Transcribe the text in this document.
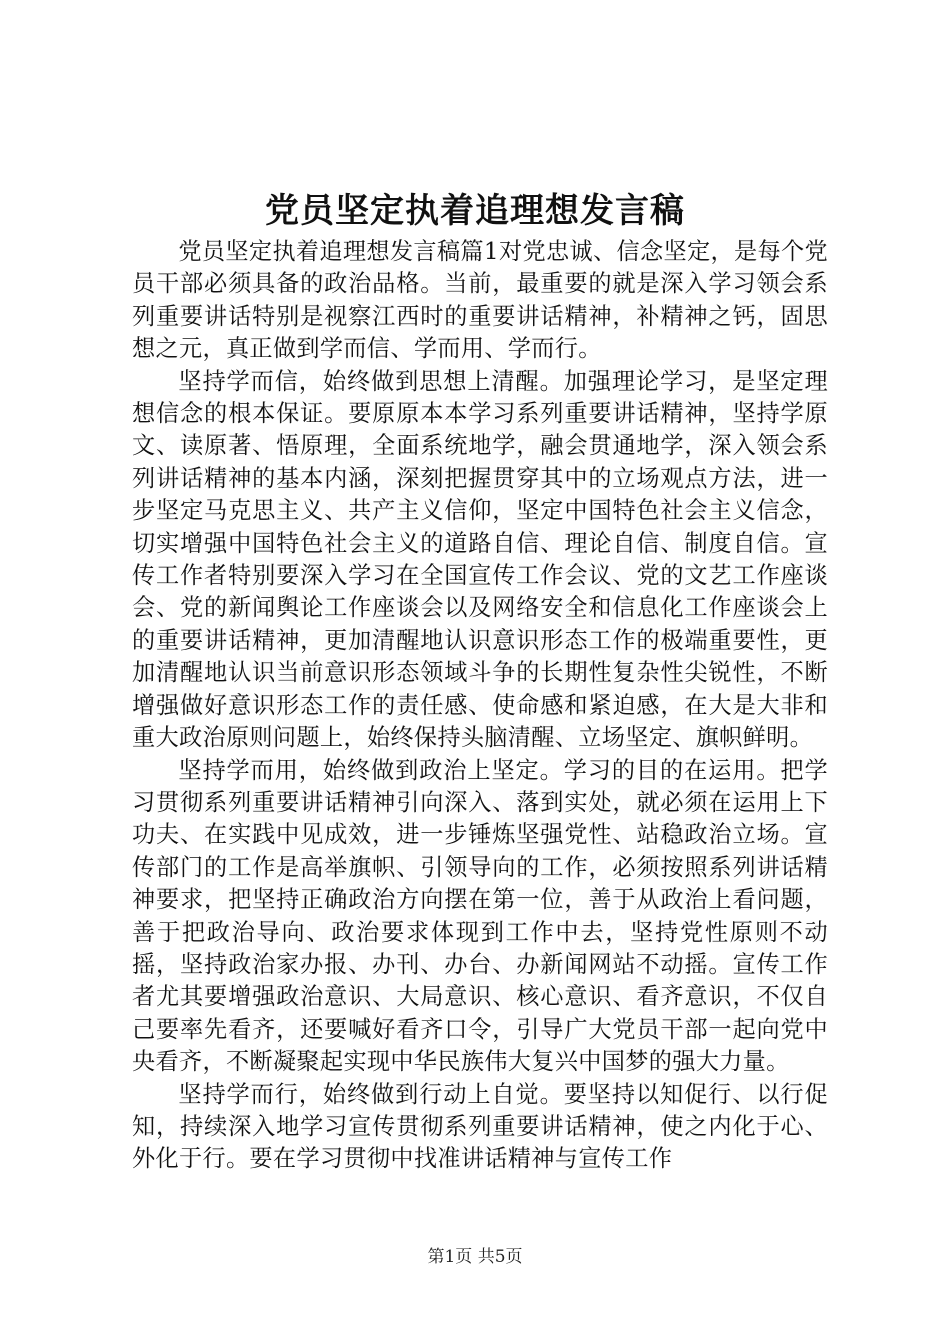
党员坚定执着追理想发言稿

党员坚定执着追理想发言稿篇1对党忠诚、信念坚定，是每个党员干部必须具备的政治品格。当前，最重要的就是深入学习领会系列重要讲话特别是视察江西时的重要讲话精神，补精神之钙，固思想之元，真正做到学而信、学而用、学而行。

坚持学而信，始终做到思想上清醒。加强理论学习，是坚定理想信念的根本保证。要原原本本学习系列重要讲话精神，坚持学原文、读原著、悟原理，全面系统地学，融会贯通地学，深入领会系列讲话精神的基本内涵，深刻把握贯穿其中的立场观点方法，进一步坚定马克思主义、共产主义信仰，坚定中国特色社会主义信念，切实增强中国特色社会主义的道路自信、理论自信、制度自信。宣传工作者特别要深入学习在全国宣传工作会议、党的文艺工作座谈会、党的新闻舆论工作座谈会以及网络安全和信息化工作座谈会上的重要讲话精神，更加清醒地认识意识形态工作的极端重要性，更加清醒地认识当前意识形态领域斗争的长期性复杂性尖锐性，不断增强做好意识形态工作的责任感、使命感和紧迫感，在大是大非和重大政治原则问题上，始终保持头脑清醒、立场坚定、旗帜鲜明。

坚持学而用，始终做到政治上坚定。学习的目的在运用。把学习贯彻系列重要讲话精神引向深入、落到实处，就必须在运用上下功夫、在实践中见成效，进一步锤炼坚强党性、站稳政治立场。宣传部门的工作是高举旗帜、引领导向的工作，必须按照系列讲话精神要求，把坚持正确政治方向摆在第一位，善于从政治上看问题，善于把政治导向、政治要求体现到工作中去，坚持党性原则不动摇，坚持政治家办报、办刊、办台、办新闻网站不动摇。宣传工作者尤其要增强政治意识、大局意识、核心意识、看齐意识，不仅自己要率先看齐，还要喊好看齐口令，引导广大党员干部一起向党中央看齐，不断凝聚起实现中华民族伟大复兴中国梦的强大力量。

坚持学而行，始终做到行动上自觉。要坚持以知促行、以行促知，持续深入地学习宣传贯彻系列重要讲话精神，使之内化于心、外化于行。要在学习贯彻中找准讲话精神与宣传工作

第1页 共5页
